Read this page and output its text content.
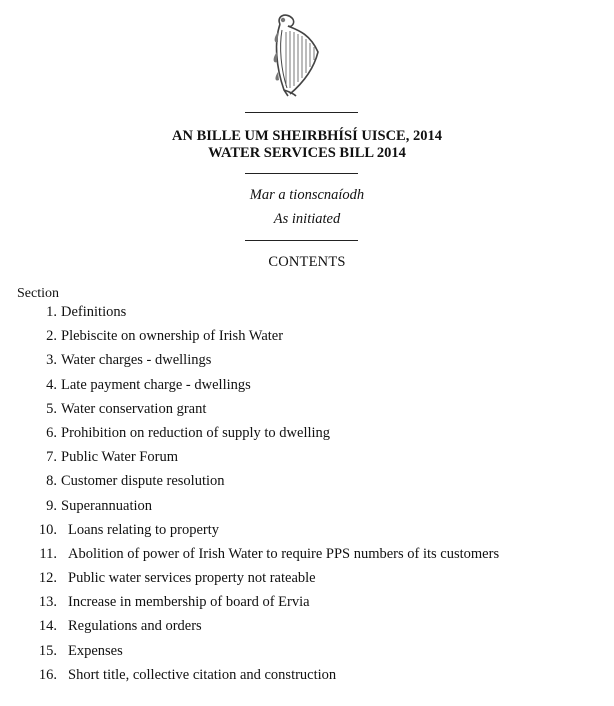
AN BILLE UM SHEIRBHÍSÍ UISCE, 2014
WATER SERVICES BILL 2014
Mar a tionscnaíodh
As initiated
CONTENTS
Section
1. Definitions
2. Plebiscite on ownership of Irish Water
3. Water charges - dwellings
4. Late payment charge - dwellings
5. Water conservation grant
6. Prohibition on reduction of supply to dwelling
7. Public Water Forum
8. Customer dispute resolution
9. Superannuation
10. Loans relating to property
11. Abolition of power of Irish Water to require PPS numbers of its customers
12. Public water services property not rateable
13. Increase in membership of board of Ervia
14. Regulations and orders
15. Expenses
16. Short title, collective citation and construction
